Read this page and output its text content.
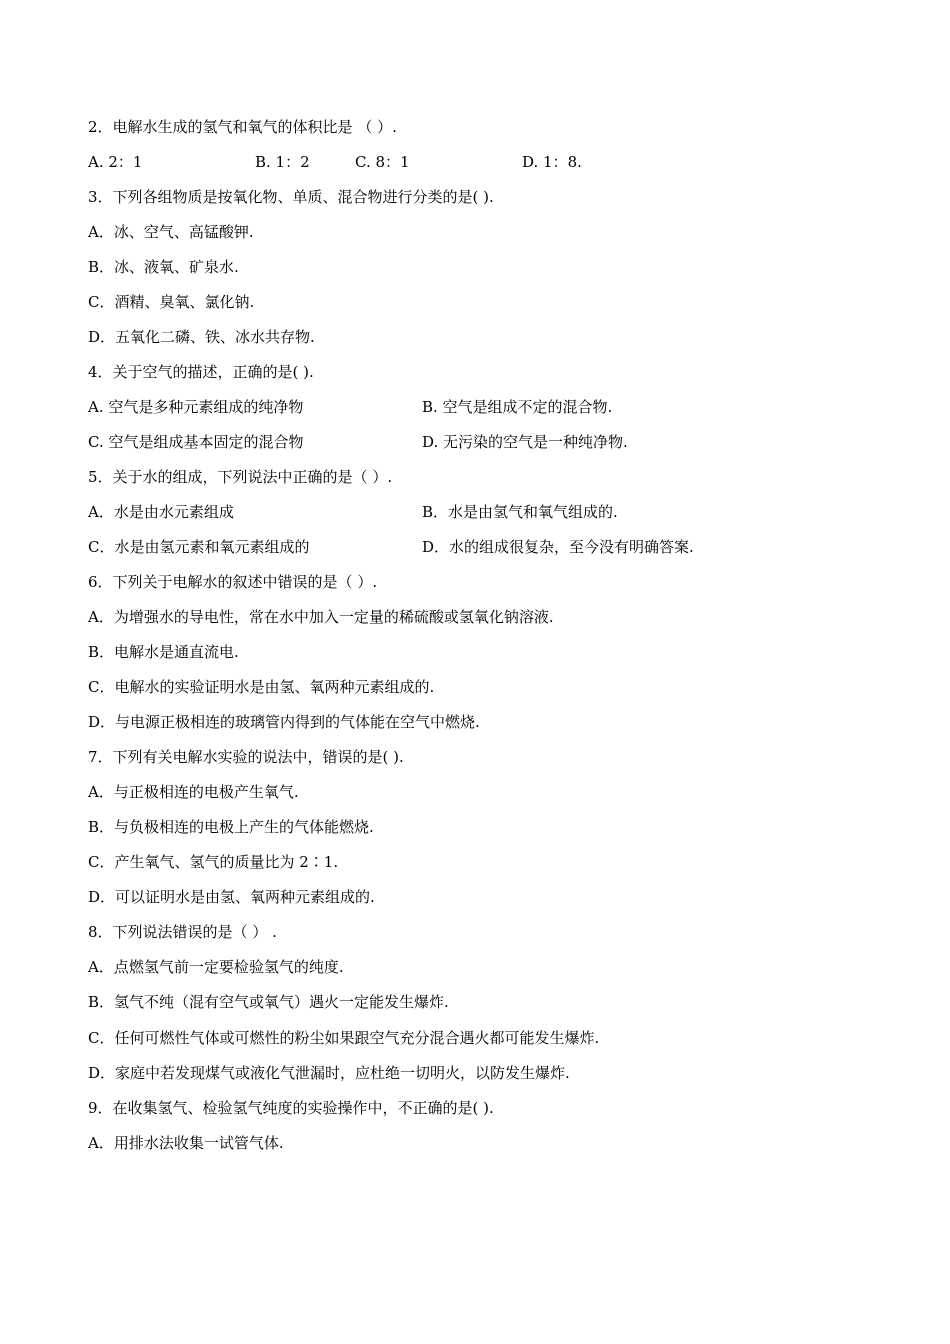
2．电解水生成的氢气和氧气的体积比是 （ ）.
A. 2：1	B. 1：2	C. 8：1	D. 1：8.
3．下列各组物质是按氧化物、单质、混合物进行分类的是( ).
A．冰、空气、高锰酸钾.
B．冰、液氧、矿泉水.
C．酒精、臭氧、氯化钠.
D．五氧化二磷、铁、冰水共存物.
4．关于空气的描述，正确的是( ).
A. 空气是多种元素组成的纯净物	B. 空气是组成不定的混合物.
C. 空气是组成基本固定的混合物	D. 无污染的空气是一种纯净物.
5．关于水的组成，下列说法中正确的是（ ）.
A．水是由水元素组成	B．水是由氢气和氧气组成的.
C．水是由氢元素和氧元素组成的	D．水的组成很复杂，至今没有明确答案.
6．下列关于电解水的叙述中错误的是（ ）.
A．为增强水的导电性，常在水中加入一定量的稀硫酸或氢氧化钠溶液.
B．电解水是通直流电.
C．电解水的实验证明水是由氢、氧两种元素组成的.
D．与电源正极相连的玻璃管内得到的气体能在空气中燃烧.
7．下列有关电解水实验的说法中，错误的是( ).
A．与正极相连的电极产生氧气.
B．与负极相连的电极上产生的气体能燃烧.
C．产生氧气、氢气的质量比为 2∶1.
D．可以证明水是由氢、氧两种元素组成的.
8．下列说法错误的是（ ） .
A．点燃氢气前一定要检验氢气的纯度.
B．氢气不纯（混有空气或氧气）遇火一定能发生爆炸.
C．任何可燃性气体或可燃性的粉尘如果跟空气充分混合遇火都可能发生爆炸.
D．家庭中若发现煤气或液化气泄漏时，应杜绝一切明火，以防发生爆炸.
9．在收集氢气、检验氢气纯度的实验操作中，不正确的是( ).
A．用排水法收集一试管气体.
